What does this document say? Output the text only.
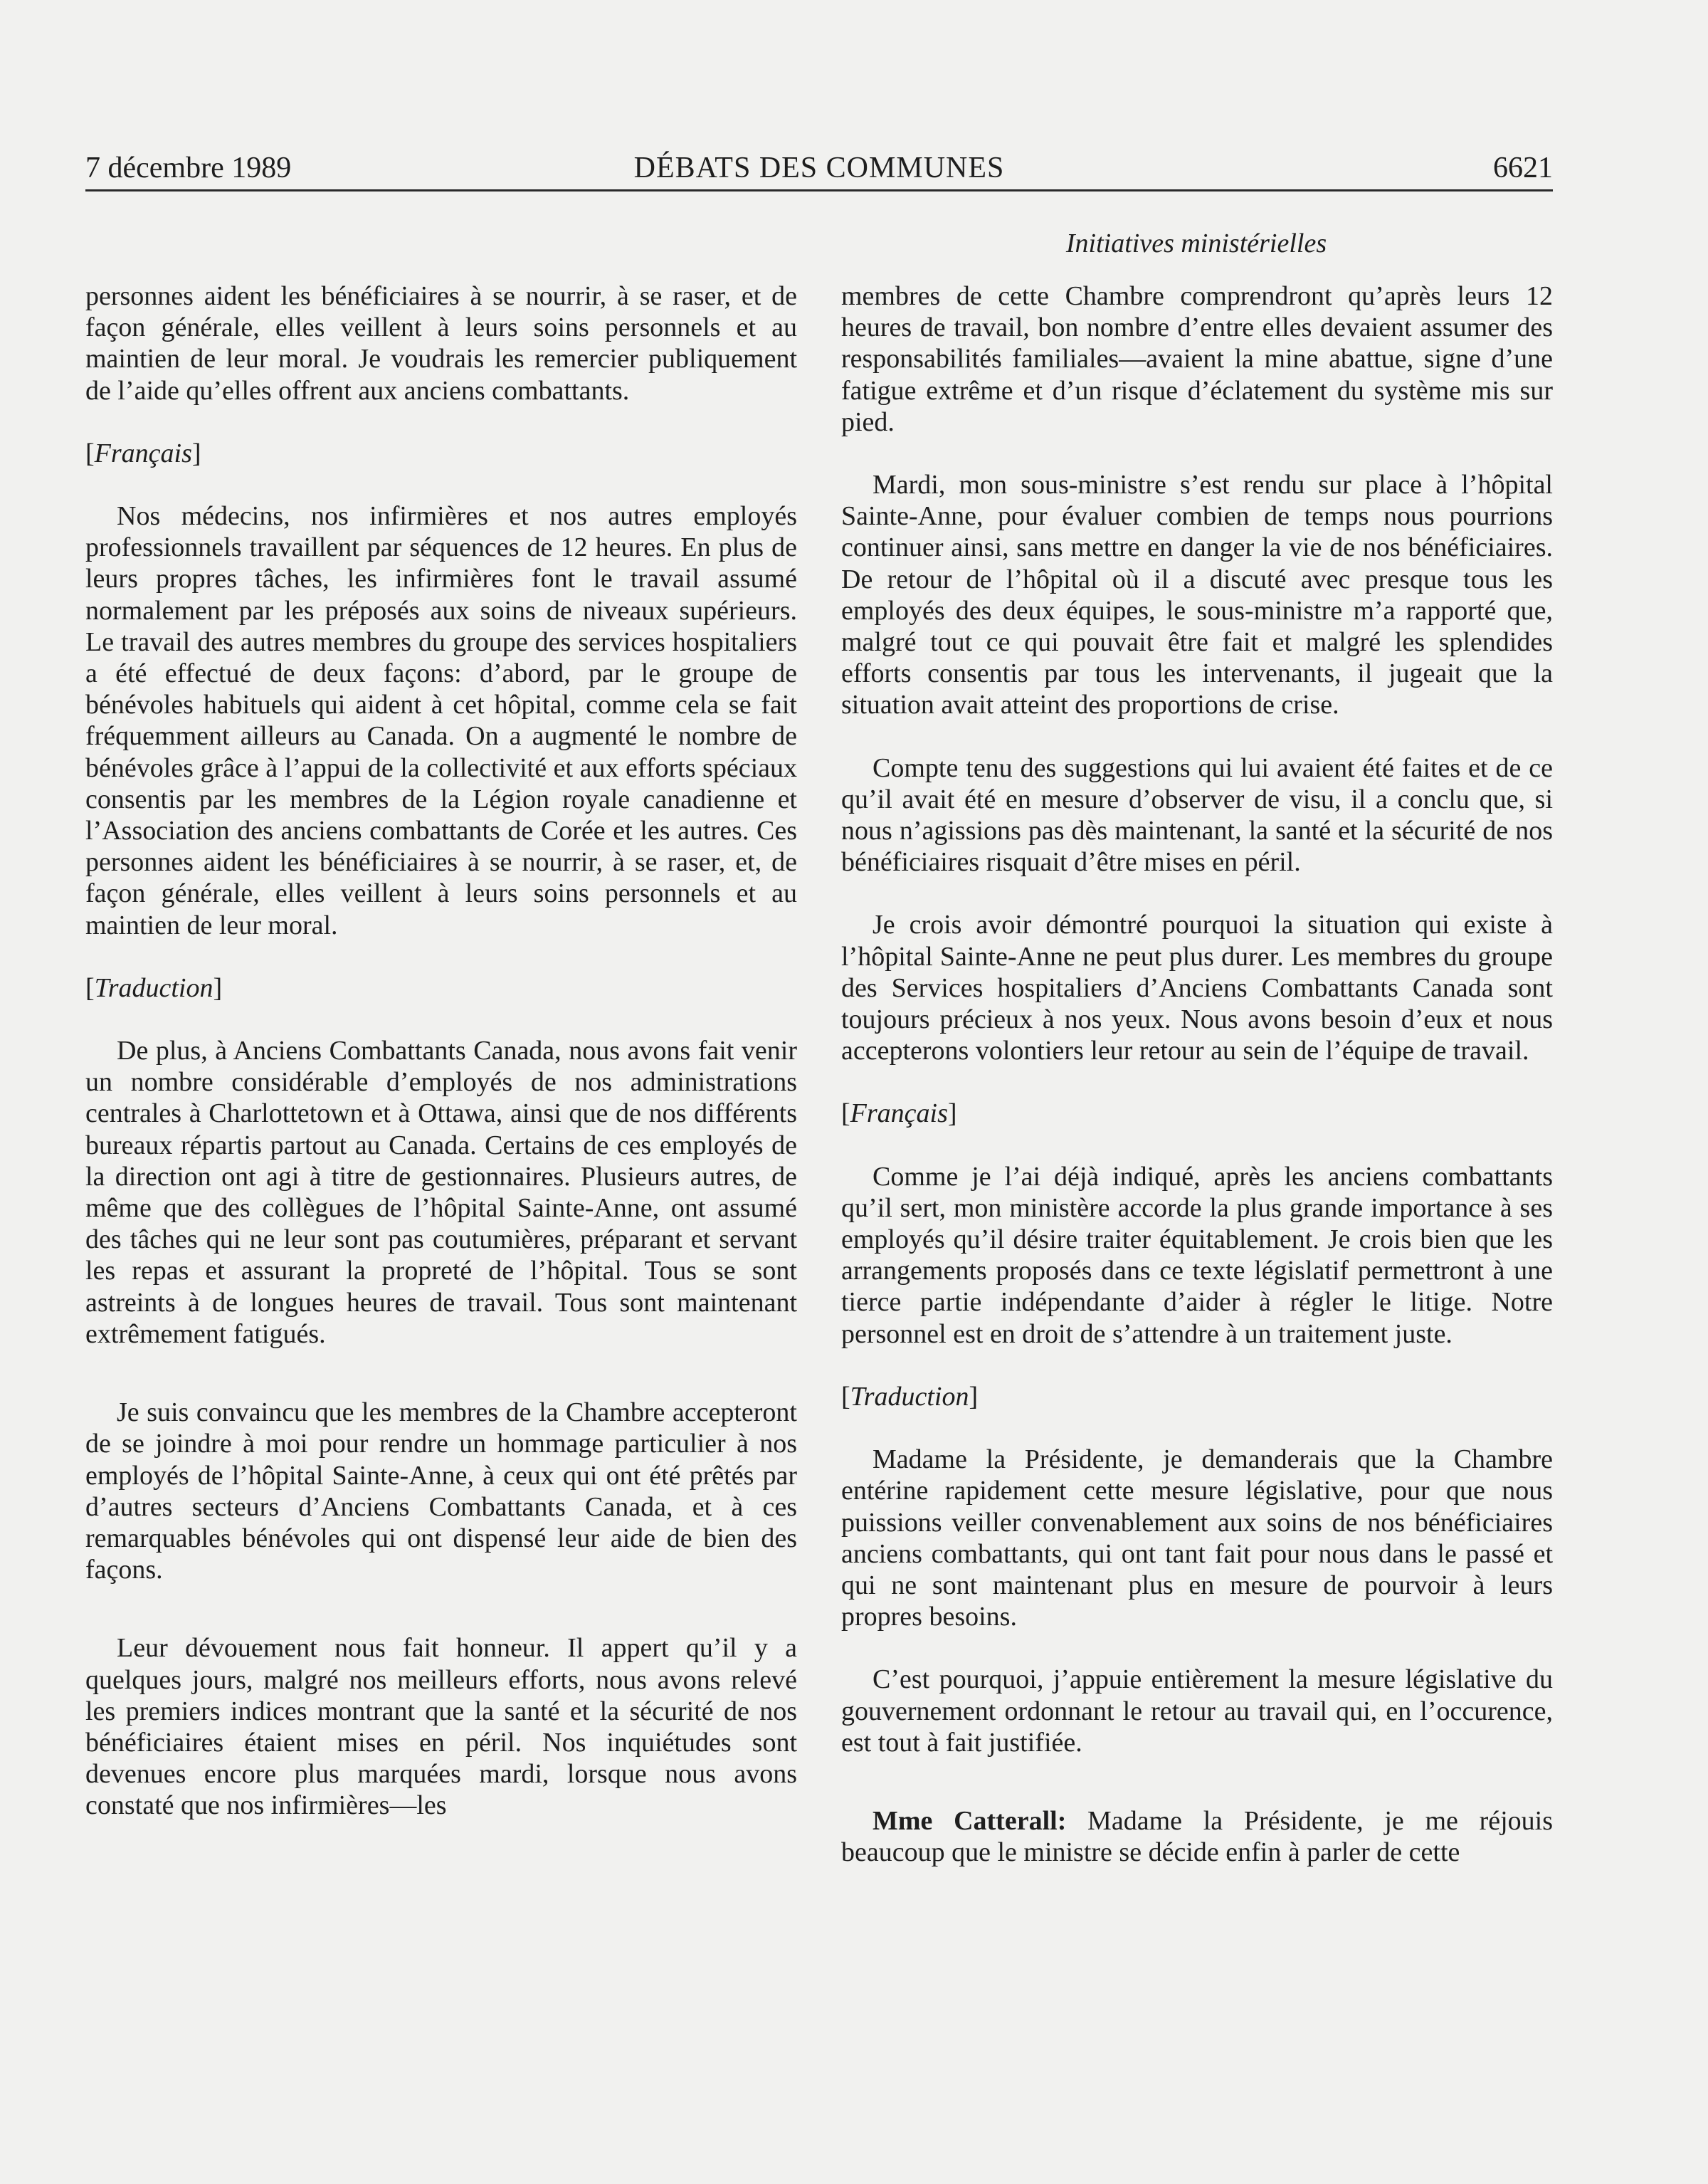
7 décembre 1989	DÉBATS DES COMMUNES	6621
Initiatives ministérielles

personnes aident les bénéficiaires à se nourrir, à se raser, et de façon générale, elles veillent à leurs soins personnels et au maintien de leur moral. Je voudrais les remercier publiquement de l’aide qu’elles offrent aux anciens combattants.

[Français]

Nos médecins, nos infirmières et nos autres employés professionnels travaillent par séquences de 12 heures. En plus de leurs propres tâches, les infirmières font le travail assumé normalement par les préposés aux soins de niveaux supérieurs. Le travail des autres membres du groupe des services hospitaliers a été effectué de deux façons: d’abord, par le groupe de bénévoles habituels qui aident à cet hôpital, comme cela se fait fréquemment ailleurs au Canada. On a augmenté le nombre de bénévoles grâce à l’appui de la collectivité et aux efforts spéciaux consentis par les membres de la Légion royale canadienne et l’Association des anciens combattants de Corée et les autres. Ces personnes aident les bénéficiaires à se nourrir, à se raser, et, de façon générale, elles veillent à leurs soins personnels et au maintien de leur moral.

[Traduction]

De plus, à Anciens Combattants Canada, nous avons fait venir un nombre considérable d’employés de nos administrations centrales à Charlottetown et à Ottawa, ainsi que de nos différents bureaux répartis partout au Canada. Certains de ces employés de la direction ont agi à titre de gestionnaires. Plusieurs autres, de même que des collègues de l’hôpital Sainte-Anne, ont assumé des tâches qui ne leur sont pas coutumières, préparant et servant les repas et assurant la propreté de l’hôpital. Tous se sont astreints à de longues heures de travail. Tous sont maintenant extrêmement fatigués.

Je suis convaincu que les membres de la Chambre accepteront de se joindre à moi pour rendre un hommage particulier à nos employés de l’hôpital Sainte-Anne, à ceux qui ont été prêtés par d’autres secteurs d’Anciens Combattants Canada, et à ces remarquables bénévoles qui ont dispensé leur aide de bien des façons.

Leur dévouement nous fait honneur. Il appert qu’il y a quelques jours, malgré nos meilleurs efforts, nous avons relevé les premiers indices montrant que la santé et la sécurité de nos bénéficiaires étaient mises en péril. Nos inquiétudes sont devenues encore plus marquées mardi, lorsque nous avons constaté que nos infirmières—les

membres de cette Chambre comprendront qu’après leurs 12 heures de travail, bon nombre d’entre elles devaient assumer des responsabilités familiales—avaient la mine abattue, signe d’une fatigue extrême et d’un risque d’éclatement du système mis sur pied.

Mardi, mon sous-ministre s’est rendu sur place à l’hôpital Sainte-Anne, pour évaluer combien de temps nous pourrions continuer ainsi, sans mettre en danger la vie de nos bénéficiaires. De retour de l’hôpital où il a discuté avec presque tous les employés des deux équipes, le sous-ministre m’a rapporté que, malgré tout ce qui pouvait être fait et malgré les splendides efforts consentis par tous les intervenants, il jugeait que la situation avait atteint des proportions de crise.

Compte tenu des suggestions qui lui avaient été faites et de ce qu’il avait été en mesure d’observer de visu, il a conclu que, si nous n’agissions pas dès maintenant, la santé et la sécurité de nos bénéficiaires risquait d’être mises en péril.

Je crois avoir démontré pourquoi la situation qui existe à l’hôpital Sainte-Anne ne peut plus durer. Les membres du groupe des Services hospitaliers d’Anciens Combattants Canada sont toujours précieux à nos yeux. Nous avons besoin d’eux et nous accepterons volontiers leur retour au sein de l’équipe de travail.

[Français]

Comme je l’ai déjà indiqué, après les anciens combattants qu’il sert, mon ministère accorde la plus grande importance à ses employés qu’il désire traiter équitablement. Je crois bien que les arrangements proposés dans ce texte législatif permettront à une tierce partie indépendante d’aider à régler le litige. Notre personnel est en droit de s’attendre à un traitement juste.

[Traduction]

Madame la Présidente, je demanderais que la Chambre entérine rapidement cette mesure législative, pour que nous puissions veiller convenablement aux soins de nos bénéficiaires anciens combattants, qui ont tant fait pour nous dans le passé et qui ne sont maintenant plus en mesure de pourvoir à leurs propres besoins.

C’est pourquoi, j’appuie entièrement la mesure législative du gouvernement ordonnant le retour au travail qui, en l’occurence, est tout à fait justifiée.

Mme Catterall: Madame la Présidente, je me réjouis beaucoup que le ministre se décide enfin à parler de cette
